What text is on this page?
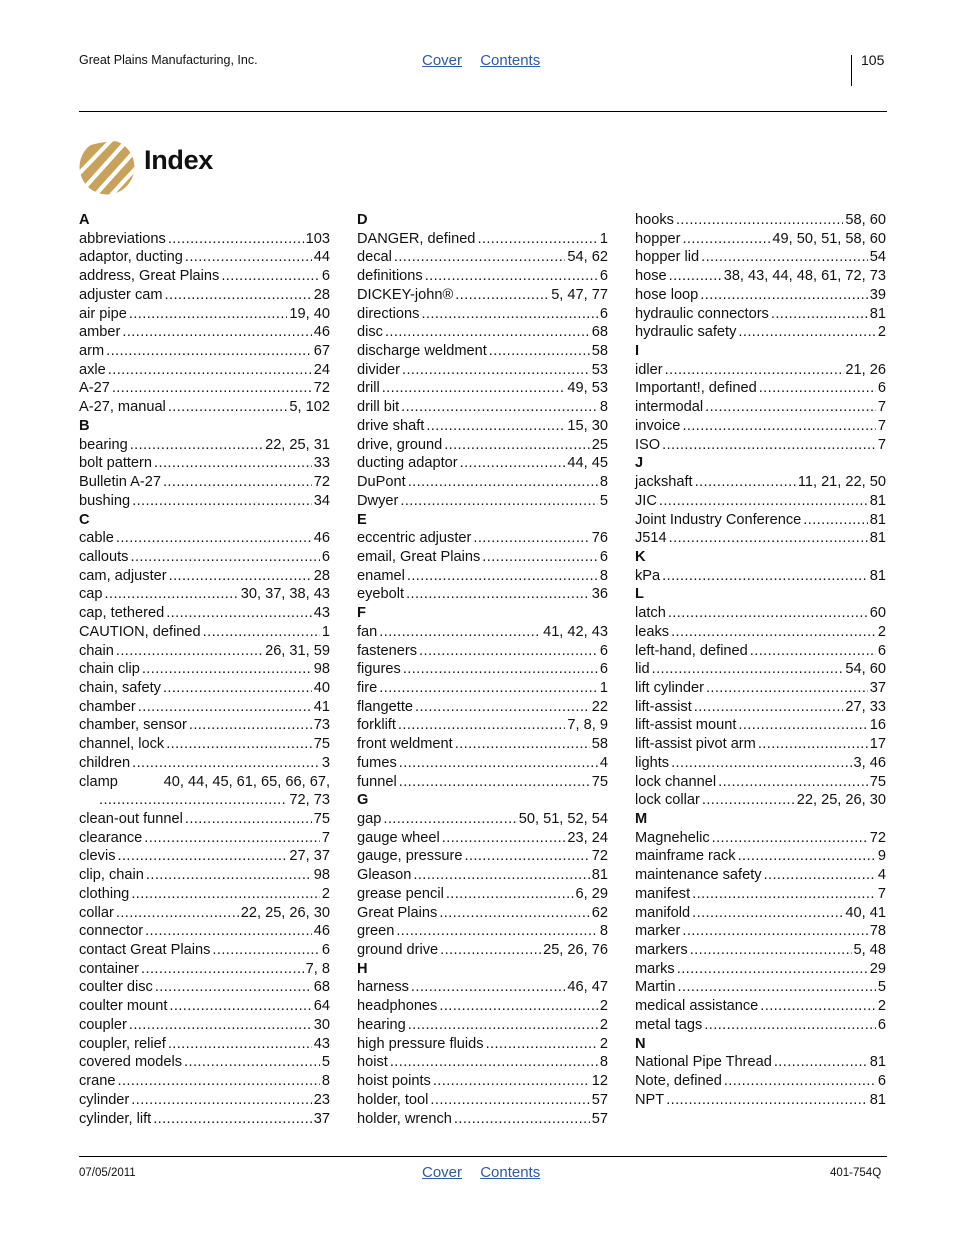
Great Plains Manufacturing, Inc.	Cover Contents	105
Index
A
abbreviations .....	103
adaptor, ducting .....	44
address, Great Plains .....	6
adjuster cam .....	28
air pipe .....	19, 40
amber .....	46
arm .....	67
axle .....	24
A-27 .....	72
A-27, manual .....	5, 102
B
bearing .....	22, 25, 31
bolt pattern .....	33
Bulletin A-27 .....	72
bushing .....	34
C
cable .....	46
callouts .....	6
cam, adjuster .....	28
cap .....	30, 37, 38, 43
cap, tethered .....	43
CAUTION, defined .....	1
chain .....	26, 31, 59
chain clip .....	98
chain, safety .....	40
chamber .....	41
chamber, sensor .....	73
channel, lock .....	75
children .....	3
clamp	40, 44, 45, 61, 65, 66, 67,
.....
72, 73
clean-out funnel .....	75
clearance .....	7
clevis .....	27, 37
clip, chain .....	98
clothing .....	2
collar .....	22, 25, 26, 30
connector .....	46
contact Great Plains .....	6
container .....	7, 8
coulter disc .....	68
coulter mount .....	64
coupler .....	30
coupler, relief .....	43
covered models .....	5
crane .....	8
cylinder .....	23
cylinder, lift .....	37
D
DANGER, defined .....	1
decal .....	54, 62
definitions .....	6
DICKEY-john® .....	5, 47, 77
directions .....	6
disc .....	68
discharge weldment .....	58
divider .....	53
drill .....	49, 53
drill bit .....	8
drive shaft .....	15, 30
drive, ground .....	25
ducting adaptor .....	44, 45
DuPont .....	8
Dwyer .....	5
E
eccentric adjuster .....	76
email, Great Plains .....	6
enamel .....	8
eyebolt .....	36
F
fan .....	41, 42, 43
fasteners .....	6
figures .....	6
fire .....	1
flangette .....	22
forklift .....	7, 8, 9
front weldment .....	58
fumes .....	4
funnel .....	75
G
gap .....	50, 51, 52, 54
gauge wheel .....	23, 24
gauge, pressure .....	72
Gleason .....	81
grease pencil .....	6, 29
Great Plains .....	62
green .....	8
ground drive .....	25, 26, 76
H
harness .....	46, 47
headphones .....	2
hearing .....	2
high pressure fluids .....	2
hoist .....	8
hoist points .....	12
holder, tool .....	57
holder, wrench .....	57
hooks .....	58, 60
hopper .....	49, 50, 51, 58, 60
hopper lid .....	54
hose .....	38, 43, 44, 48, 61, 72, 73
hose loop .....	39
hydraulic connectors .....	81
hydraulic safety .....	2
I
idler .....	21, 26
Important!, defined .....	6
intermodal .....	7
invoice .....	7
ISO .....	7
J
jackshaft .....	11, 21, 22, 50
JIC .....	81
Joint Industry Conference .....	81
J514 .....	81
K
kPa .....	81
L
latch .....	60
leaks .....	2
left-hand, defined .....	6
lid .....	54, 60
lift cylinder .....	37
lift-assist .....	27, 33
lift-assist mount .....	16
lift-assist pivot arm .....	17
lights .....	3, 46
lock channel .....	75
lock collar .....	22, 25, 26, 30
M
Magnehelic .....	72
mainframe rack .....	9
maintenance safety .....	4
manifest .....	7
manifold .....	40, 41
marker .....	78
markers .....	5, 48
marks .....	29
Martin .....	5
medical assistance .....	2
metal tags .....	6
N
National Pipe Thread .....	81
Note, defined .....	6
NPT .....	81
07/05/2011	Cover Contents	401-754Q
